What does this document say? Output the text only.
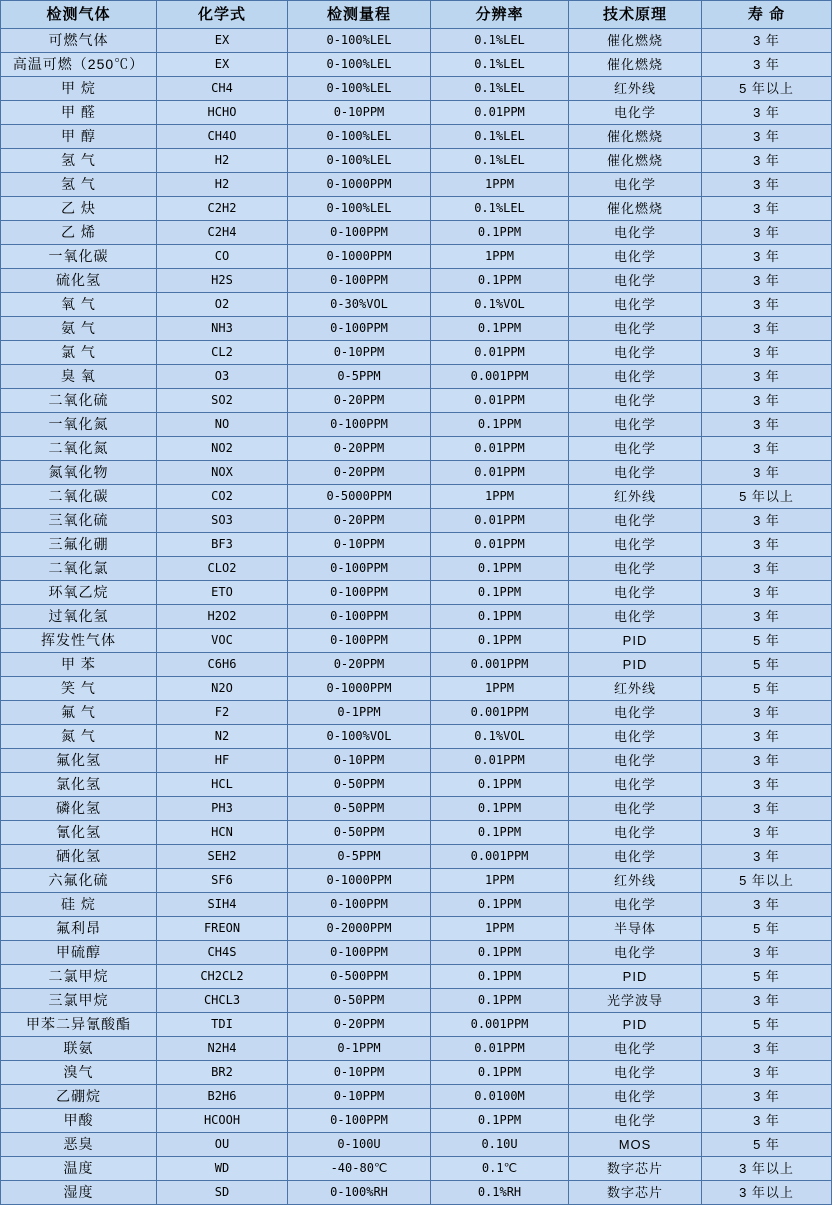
检测气体	化学式	检测量程	分辨率	技术原理	寿 命
可燃气体	EX	0-100%LEL	0.1%LEL	催化燃烧	3 年
高温可燃（250℃）	EX	0-100%LEL	0.1%LEL	催化燃烧	3 年
甲 烷	CH4	0-100%LEL	0.1%LEL	红外线	5 年以上
甲 醛	HCHO	0-10PPM	0.01PPM	电化学	3 年
甲 醇	CH4O	0-100%LEL	0.1%LEL	催化燃烧	3 年
氢 气	H2	0-100%LEL	0.1%LEL	催化燃烧	3 年
氢 气	H2	0-1000PPM	1PPM	电化学	3 年
乙 炔	C2H2	0-100%LEL	0.1%LEL	催化燃烧	3 年
乙 烯	C2H4	0-100PPM	0.1PPM	电化学	3 年
一氧化碳	CO	0-1000PPM	1PPM	电化学	3 年
硫化氢	H2S	0-100PPM	0.1PPM	电化学	3 年
氧 气	O2	0-30%VOL	0.1%VOL	电化学	3 年
氨 气	NH3	0-100PPM	0.1PPM	电化学	3 年
氯 气	CL2	0-10PPM	0.01PPM	电化学	3 年
臭 氧	O3	0-5PPM	0.001PPM	电化学	3 年
二氧化硫	SO2	0-20PPM	0.01PPM	电化学	3 年
一氧化氮	NO	0-100PPM	0.1PPM	电化学	3 年
二氧化氮	NO2	0-20PPM	0.01PPM	电化学	3 年
氮氧化物	NOX	0-20PPM	0.01PPM	电化学	3 年
二氧化碳	CO2	0-5000PPM	1PPM	红外线	5 年以上
三氧化硫	SO3	0-20PPM	0.01PPM	电化学	3 年
三氟化硼	BF3	0-10PPM	0.01PPM	电化学	3 年
二氧化氯	CLO2	0-100PPM	0.1PPM	电化学	3 年
环氧乙烷	ETO	0-100PPM	0.1PPM	电化学	3 年
过氧化氢	H2O2	0-100PPM	0.1PPM	电化学	3 年
挥发性气体	VOC	0-100PPM	0.1PPM	PID	5 年
甲 苯	C6H6	0-20PPM	0.001PPM	PID	5 年
笑 气	N2O	0-1000PPM	1PPM	红外线	5 年
氟 气	F2	0-1PPM	0.001PPM	电化学	3 年
氮 气	N2	0-100%VOL	0.1%VOL	电化学	3 年
氟化氢	HF	0-10PPM	0.01PPM	电化学	3 年
氯化氢	HCL	0-50PPM	0.1PPM	电化学	3 年
磷化氢	PH3	0-50PPM	0.1PPM	电化学	3 年
氰化氢	HCN	0-50PPM	0.1PPM	电化学	3 年
硒化氢	SEH2	0-5PPM	0.001PPM	电化学	3 年
六氟化硫	SF6	0-1000PPM	1PPM	红外线	5 年以上
硅 烷	SIH4	0-100PPM	0.1PPM	电化学	3 年
氟利昂	FREON	0-2000PPM	1PPM	半导体	5 年
甲硫醇	CH4S	0-100PPM	0.1PPM	电化学	3 年
二氯甲烷	CH2CL2	0-500PPM	0.1PPM	PID	5 年
三氯甲烷	CHCL3	0-50PPM	0.1PPM	光学波导	3 年
甲苯二异氰酸酯	TDI	0-20PPM	0.001PPM	PID	5 年
联氨	N2H4	0-1PPM	0.01PPM	电化学	3 年
溴气	BR2	0-10PPM	0.1PPM	电化学	3 年
乙硼烷	B2H6	0-10PPM	0.0100M	电化学	3 年
甲酸	HCOOH	0-100PPM	0.1PPM	电化学	3 年
恶臭	OU	0-100U	0.10U	MOS	5 年
温度	WD	-40-80℃	0.1℃	数字芯片	3 年以上
湿度	SD	0-100%RH	0.1%RH	数字芯片	3 年以上
